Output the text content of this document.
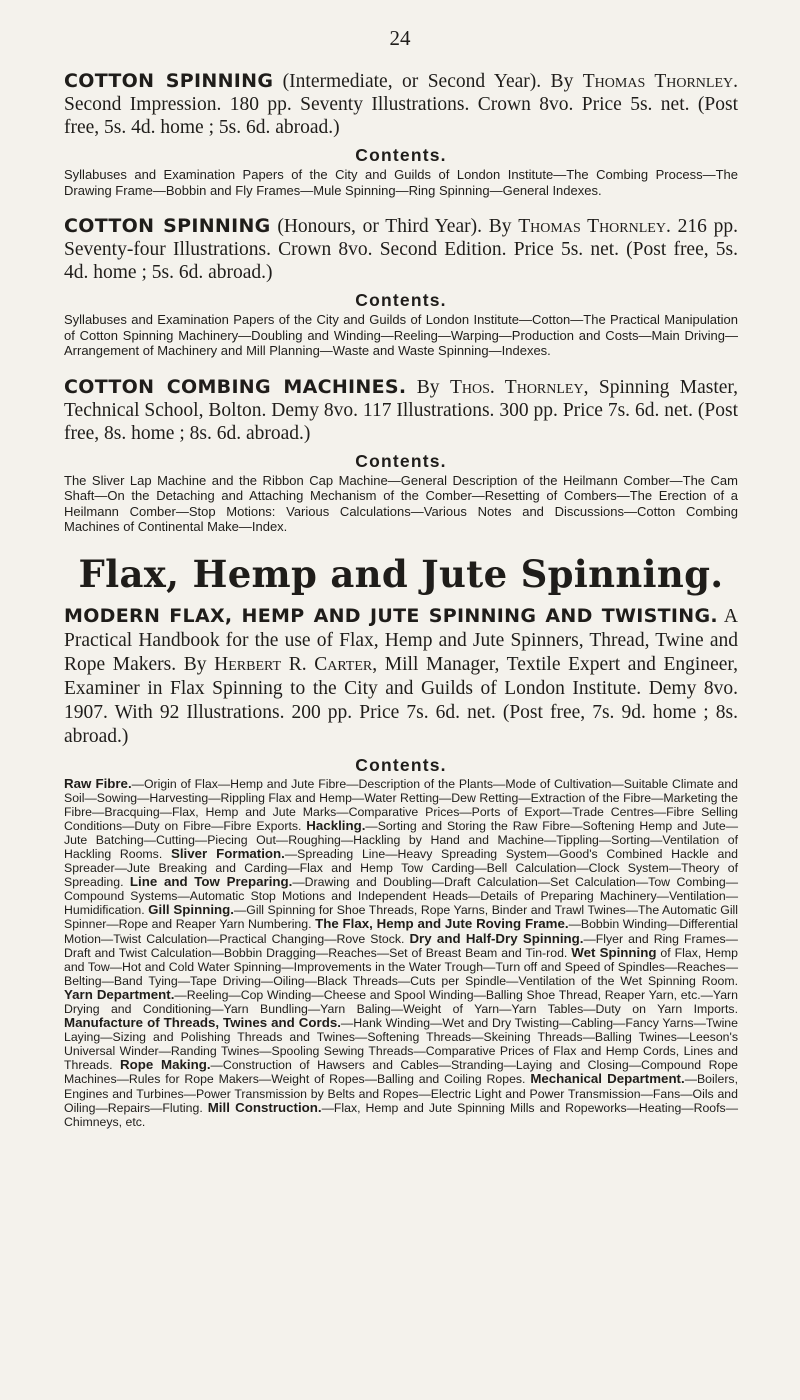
24

COTTON SPINNING (Intermediate, or Second Year). By Thomas Thornley. Second Impression. 180 pp. Seventy Illustrations. Crown 8vo. Price 5s. net. (Post free, 5s. 4d. home ; 5s. 6d. abroad.)

Contents.

Syllabuses and Examination Papers of the City and Guilds of London Institute—The Combing Process—The Drawing Frame—Bobbin and Fly Frames—Mule Spinning—Ring Spinning—General Indexes.

COTTON SPINNING (Honours, or Third Year). By Thomas Thornley. 216 pp. Seventy-four Illustrations. Crown 8vo. Second Edition. Price 5s. net. (Post free, 5s. 4d. home ; 5s. 6d. abroad.)

Contents.

Syllabuses and Examination Papers of the City and Guilds of London Institute—Cotton—The Practical Manipulation of Cotton Spinning Machinery—Doubling and Winding—Reeling—Warping—Production and Costs—Main Driving—Arrangement of Machinery and Mill Planning—Waste and Waste Spinning—Indexes.

COTTON COMBING MACHINES. By Thos. Thornley, Spinning Master, Technical School, Bolton. Demy 8vo. 117 Illustrations. 300 pp. Price 7s. 6d. net. (Post free, 8s. home ; 8s. 6d. abroad.)

Contents.

The Sliver Lap Machine and the Ribbon Cap Machine—General Description of the Heilmann Comber—The Cam Shaft—On the Detaching and Attaching Mechanism of the Comber—Resetting of Combers—The Erection of a Heilmann Comber—Stop Motions: Various Calculations—Various Notes and Discussions—Cotton Combing Machines of Continental Make—Index.

Flax, Hemp and Jute Spinning.

MODERN FLAX, HEMP AND JUTE SPINNING AND TWISTING. A Practical Handbook for the use of Flax, Hemp and Jute Spinners, Thread, Twine and Rope Makers. By Herbert R. Carter, Mill Manager, Textile Expert and Engineer, Examiner in Flax Spinning to the City and Guilds of London Institute. Demy 8vo. 1907. With 92 Illustrations. 200 pp. Price 7s. 6d. net. (Post free, 7s. 9d. home ; 8s. abroad.)

Contents.

Raw Fibre.—Origin of Flax—Hemp and Jute Fibre—Description of the Plants—Mode of Cultivation—Suitable Climate and Soil—Sowing—Harvesting—Rippling Flax and Hemp—Water Retting—Dew Retting—Extraction of the Fibre—Marketing the Fibre—Bracquing—Flax, Hemp and Jute Marks—Comparative Prices—Ports of Export—Trade Centres—Fibre Selling Conditions—Duty on Fibre—Fibre Exports. Hackling.—Sorting and Storing the Raw Fibre—Softening Hemp and Jute—Jute Batching—Cutting—Piecing Out—Roughing—Hackling by Hand and Machine—Tippling—Sorting—Ventilation of Hackling Rooms. Sliver Formation.—Spreading Line—Heavy Spreading System—Good's Combined Hackle and Spreader—Jute Breaking and Carding—Flax and Hemp Tow Carding—Bell Calculation—Clock System—Theory of Spreading. Line and Tow Preparing.—Drawing and Doubling—Draft Calculation—Set Calculation—Tow Combing—Compound Systems—Automatic Stop Motions and Independent Heads—Details of Preparing Machinery—Ventilation—Humidification. Gill Spinning.—Gill Spinning for Shoe Threads, Rope Yarns, Binder and Trawl Twines—The Automatic Gill Spinner—Rope and Reaper Yarn Numbering. The Flax, Hemp and Jute Roving Frame.—Bobbin Winding—Differential Motion—Twist Calculation—Practical Changing—Rove Stock. Dry and Half-Dry Spinning.—Flyer and Ring Frames—Draft and Twist Calculation—Bobbin Dragging—Reaches—Set of Breast Beam and Tin-rod. Wet Spinning of Flax, Hemp and Tow—Hot and Cold Water Spinning—Improvements in the Water Trough—Turn off and Speed of Spindles—Reaches—Belting—Band Tying—Tape Driving—Oiling—Black Threads—Cuts per Spindle—Ventilation of the Wet Spinning Room. Yarn Department.—Reeling—Cop Winding—Cheese and Spool Winding—Balling Shoe Thread, Reaper Yarn, etc.—Yarn Drying and Conditioning—Yarn Bundling—Yarn Baling—Weight of Yarn—Yarn Tables—Duty on Yarn Imports. Manufacture of Threads, Twines and Cords.—Hank Winding—Wet and Dry Twisting—Cabling—Fancy Yarns—Twine Laying—Sizing and Polishing Threads and Twines—Softening Threads—Skeining Threads—Balling Twines—Leeson's Universal Winder—Randing Twines—Spooling Sewing Threads—Comparative Prices of Flax and Hemp Cords, Lines and Threads. Rope Making.—Construction of Hawsers and Cables—Stranding—Laying and Closing—Compound Rope Machines—Rules for Rope Makers—Weight of Ropes—Balling and Coiling Ropes. Mechanical Department.—Boilers, Engines and Turbines—Power Transmission by Belts and Ropes—Electric Light and Power Transmission—Fans—Oils and Oiling—Repairs—Fluting. Mill Construction.—Flax, Hemp and Jute Spinning Mills and Ropeworks—Heating—Roofs—Chimneys, etc.
